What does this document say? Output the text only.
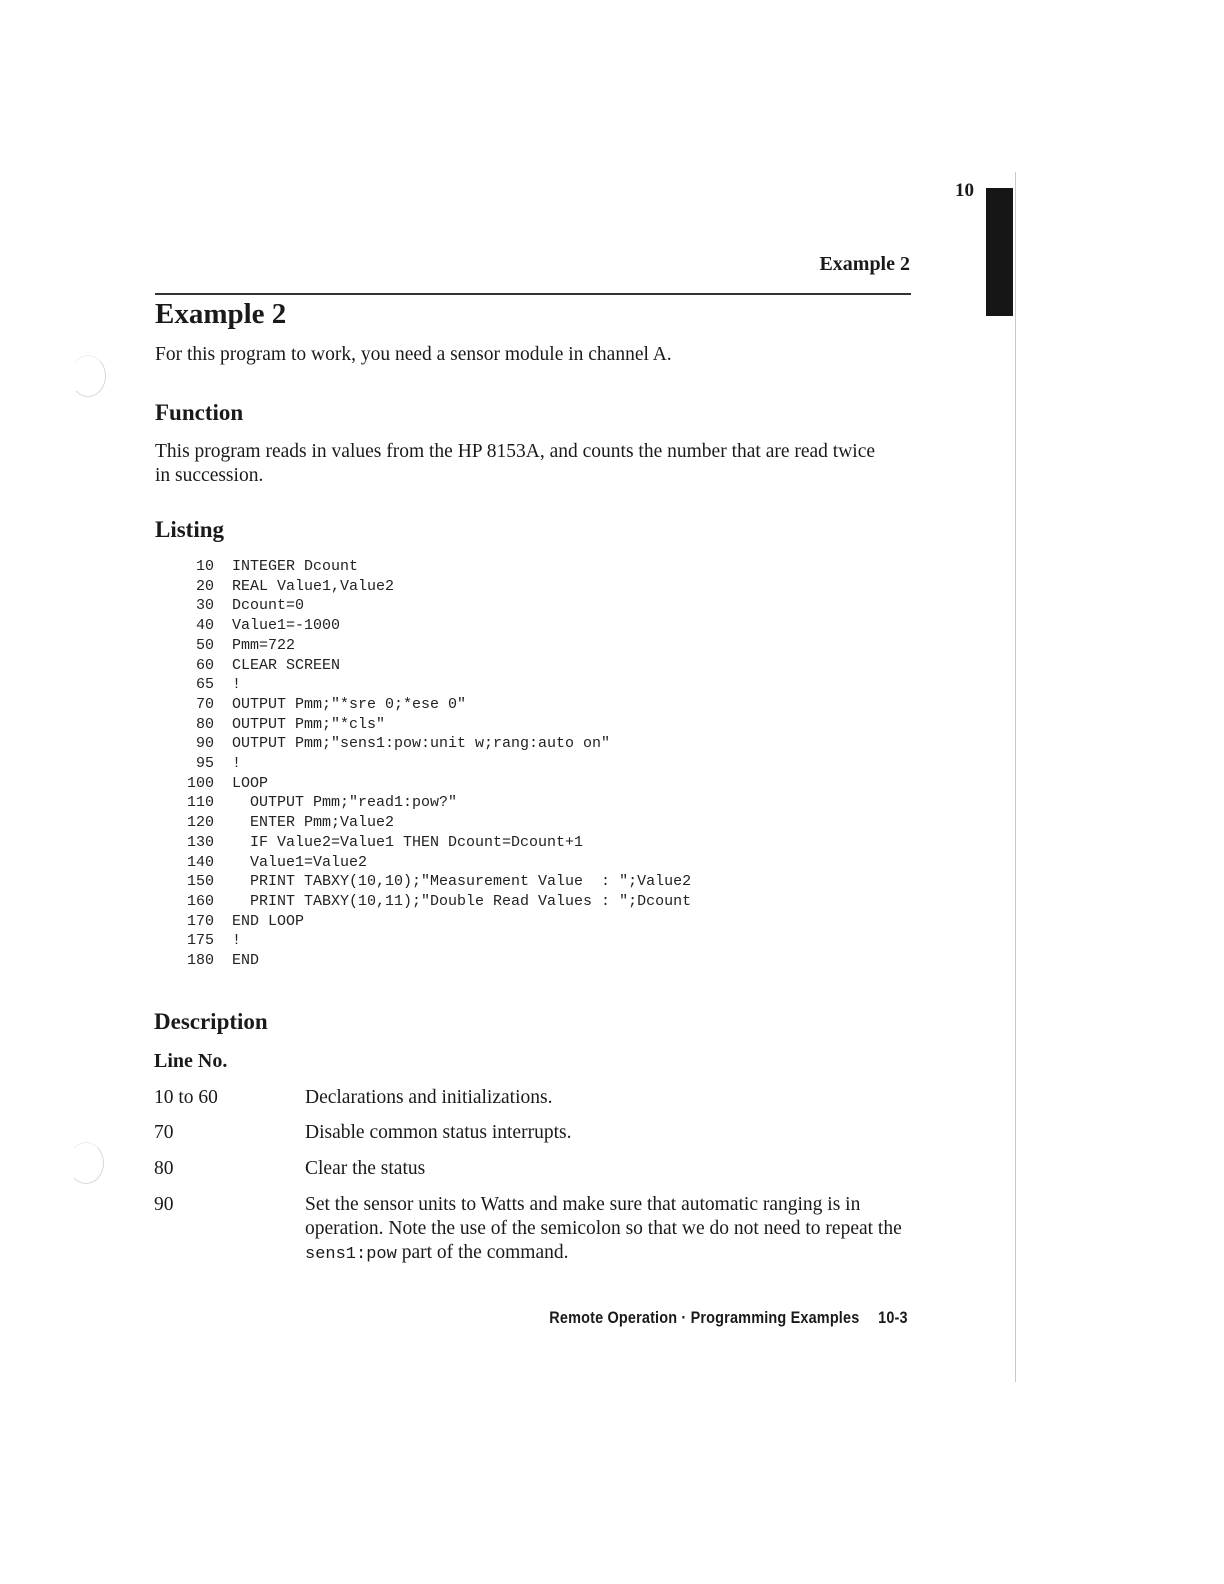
10
Example 2
Example 2

For this program to work, you need a sensor module in channel A.

Function

This program reads in values from the HP 8153A, and counts the number that are read twice in succession.

Listing
10	INTEGER Dcount
20	REAL Value1,Value2
30	Dcount=0
40	Value1=-1000
50	Pmm=722
60	CLEAR SCREEN
65	!
70	OUTPUT Pmm;"*sre 0;*ese 0"
80	OUTPUT Pmm;"*cls"
90	OUTPUT Pmm;"sens1:pow:unit w;rang:auto on"
95	!
100	LOOP
110	OUTPUT Pmm;"read1:pow?"
120	ENTER Pmm;Value2
130	IF Value2=Value1 THEN Dcount=Dcount+1
140	Value1=Value2
150	PRINT TABXY(10,10);"Measurement Value  : ";Value2
160	PRINT TABXY(10,11);"Double Read Values : ";Dcount
170	END LOOP
175	!
180	END
Description
Line No.
10 to 60	Declarations and initializations.
70	Disable common status interrupts.
80	Clear the status
90	Set the sensor units to Watts and make sure that automatic ranging is in operation. Note the use of the semicolon so that we do not need to repeat the sens1:pow part of the command.
Remote Operation · Programming Examples 10-3
